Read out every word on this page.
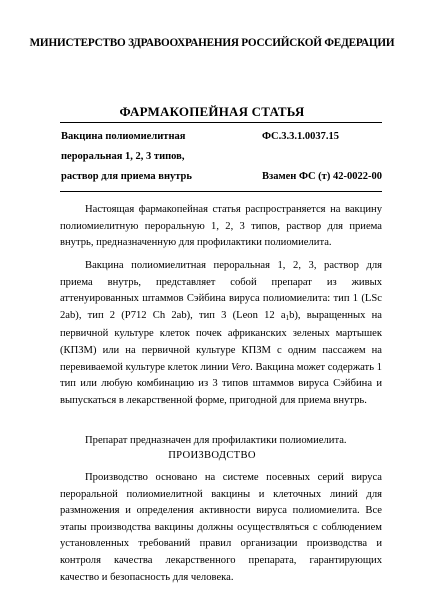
МИНИСТЕРСТВО ЗДРАВООХРАНЕНИЯ РОССИЙСКОЙ ФЕДЕРАЦИИ
ФАРМАКОПЕЙНАЯ СТАТЬЯ
Вакцина полиомиелитная
пероральная 1, 2, 3 типов,
раствор для приема внутрь
ФС.3.3.1.0037.15
Взамен ФС (т) 42-0022-00

Настоящая фармакопейная статья распространяется на вакцину полиомиелитную пероральную 1, 2, 3 типов, раствор для приема внутрь, предназначенную для профилактики полиомиелита.

Вакцина полиомиелитная пероральная 1, 2, 3, раствор для приема внутрь, представляет собой препарат из живых аттенуированных штаммов Сэйбина вируса полиомиелита: тип 1 (LSc 2ab), тип 2 (P712 Ch 2ab), тип 3 (Leon 12 $a_1b$), выращенных на первичной культуре клеток почек африканских зеленых мартышек (КПЗМ) или на первичной культуре КПЗМ с одним пассажем на перевиваемой культуре клеток линии Vero. Вакцина может содержать 1 тип или любую комбинацию из 3 типов штаммов вируса Сэйбина и выпускаться в лекарственной форме, пригодной для приема внутрь.

Препарат предназначен для профилактики полиомиелита.

ПРОИЗВОДСТВО

Производство основано на системе посевных серий вируса пероральной полиомиелитной вакцины и клеточных линий для размножения и определения активности вируса полиомиелита. Все этапы производства вакцины должны осуществляться с соблюдением установленных требований правил организации производства и контроля качества лекарственного препарата, гарантирующих качество и безопасность для человека.
